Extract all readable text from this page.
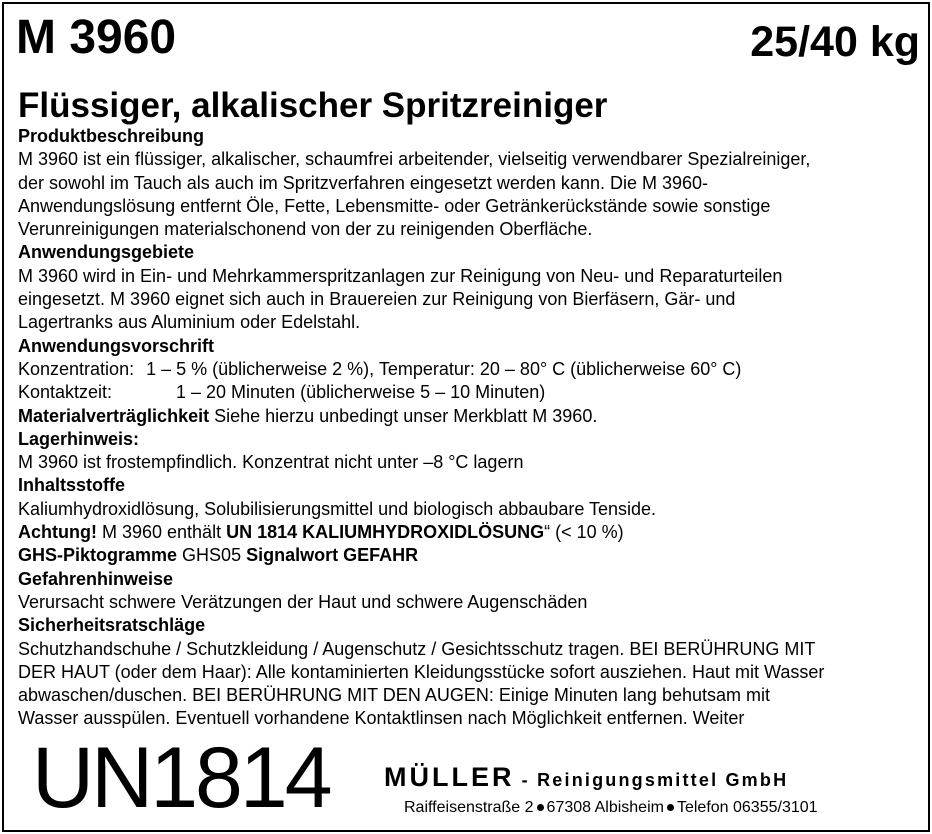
M 3960	25/40 kg
Flüssiger, alkalischer Spritzreiniger
Produktbeschreibung
M 3960 ist ein flüssiger, alkalischer, schaumfrei arbeitender, vielseitig verwendbarer Spezialreiniger,
der sowohl im Tauch als auch im Spritzverfahren eingesetzt werden kann. Die M 3960-
Anwendungslösung entfernt Öle, Fette, Lebensmitte- oder Getränkerückstände sowie sonstige
Verunreinigungen materialschonend von der zu reinigenden Oberfläche.
Anwendungsgebiete
M 3960 wird in Ein- und Mehrkammerspritzanlagen zur Reinigung von Neu- und Reparaturteilen
eingesetzt. M 3960 eignet sich auch in Brauereien zur Reinigung von Bierfäsern, Gär- und
Lagertranks aus Aluminium oder Edelstahl.
Anwendungsvorschrift
Konzentration: 1 – 5 % (üblicherweise 2 %), Temperatur: 20 – 80° C (üblicherweise 60° C)
Kontaktzeit:	1 – 20 Minuten (üblicherweise 5 – 10 Minuten)
Materialverträglichkeit Siehe hierzu unbedingt unser Merkblatt M 3960.
Lagerhinweis:
M 3960 ist frostempfindlich. Konzentrat nicht unter –8 °C lagern
Inhaltsstoffe
Kaliumhydroxidlösung, Solubilisierungsmittel und biologisch abbaubare Tenside.
Achtung! M 3960 enthält UN 1814 KALIUMHYDROXIDLÖSUNG“ (< 10 %)
GHS-Piktogramme GHS05 Signalwort GEFAHR
Gefahrenhinweise
Verursacht schwere Verätzungen der Haut und schwere Augenschäden
Sicherheitsratschläge
Schutzhandschuhe / Schutzkleidung / Augenschutz / Gesichtsschutz tragen. BEI BERÜHRUNG MIT
DER HAUT (oder dem Haar): Alle kontaminierten Kleidungsstücke sofort ausziehen. Haut mit Wasser
abwaschen/duschen. BEI BERÜHRUNG MIT DEN AUGEN: Einige Minuten lang behutsam mit
Wasser ausspülen. Eventuell vorhandene Kontaktlinsen nach Möglichkeit entfernen. Weiter
UN1814 MÜLLER - Reinigungsmittel GmbH
Raiffeisenstraße 2 67308 Albisheim Telefon 06355/3101
